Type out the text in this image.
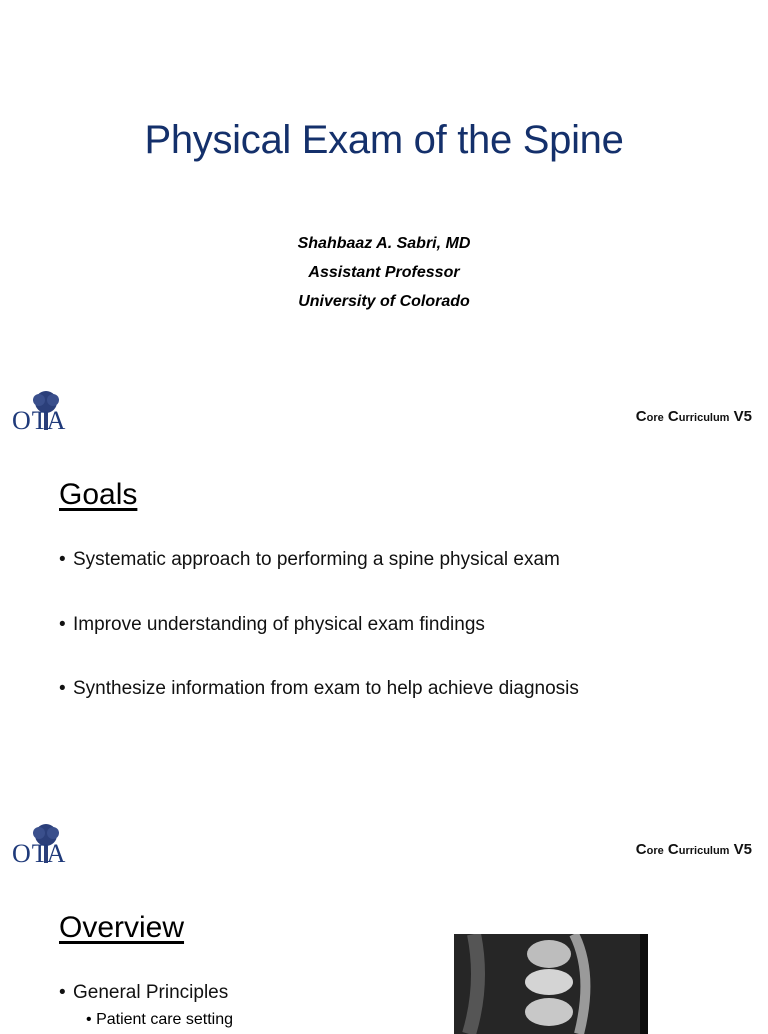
Physical Exam of the Spine
Shahbaaz A. Sabri, MD
Assistant Professor
University of Colorado
OTA	Core Curriculum V5
Goals
• Systematic approach to performing a spine physical exam
• Improve understanding of physical exam findings
• Synthesize information from exam to help achieve diagnosis
OTA	Core Curriculum V5
Overview
• General Principles
• Patient care setting
